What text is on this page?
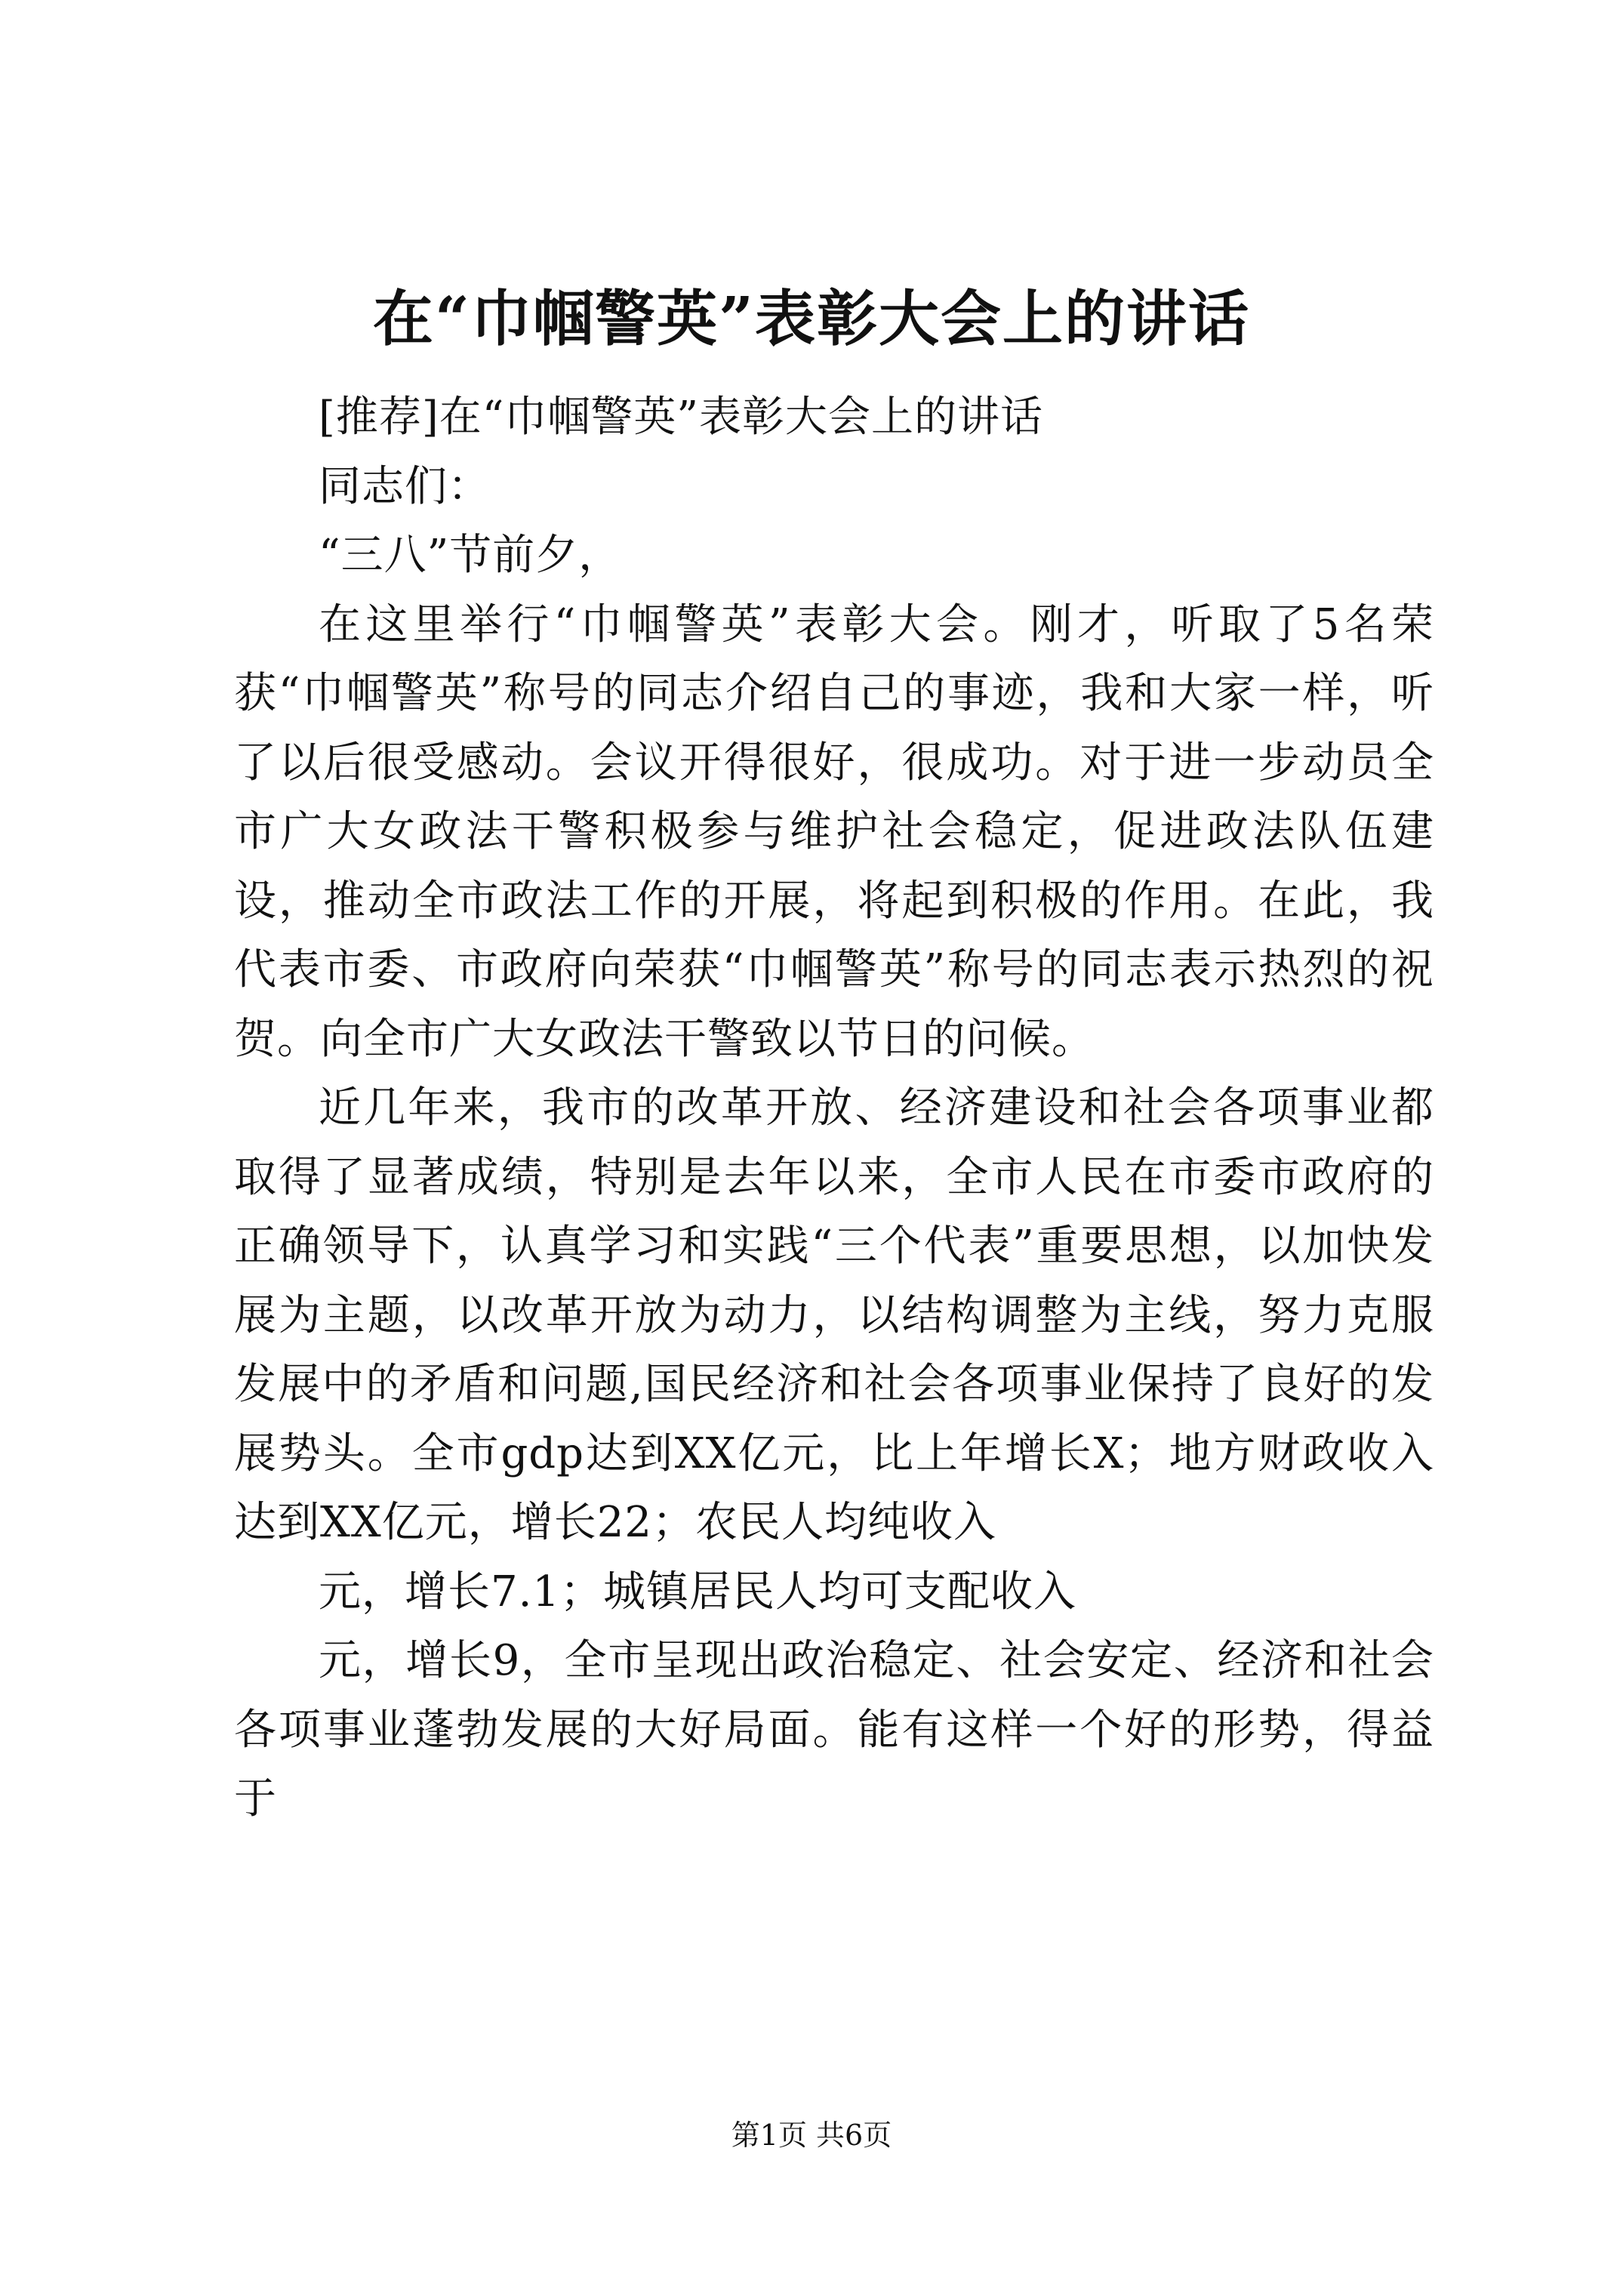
在“巾帼警英”表彰大会上的讲话

[推荐]在“巾帼警英”表彰大会上的讲话

同志们：

“三八”节前夕，

在这里举行“巾帼警英”表彰大会。刚才，听取了5名荣获“巾帼警英”称号的同志介绍自己的事迹，我和大家一样，听了以后很受感动。会议开得很好，很成功。对于进一步动员全市广大女政法干警积极参与维护社会稳定，促进政法队伍建设，推动全市政法工作的开展，将起到积极的作用。在此，我代表市委、市政府向荣获“巾帼警英”称号的同志表示热烈的祝贺。向全市广大女政法干警致以节日的问候。

近几年来，我市的改革开放、经济建设和社会各项事业都取得了显著成绩，特别是去年以来，全市人民在市委市政府的正确领导下，认真学习和实践“三个代表”重要思想，以加快发展为主题，以改革开放为动力，以结构调整为主线，努力克服发展中的矛盾和问题,国民经济和社会各项事业保持了良好的发展势头。全市gdp达到XX亿元，比上年增长X；地方财政收入达到XX亿元，增长22；农民人均纯收入

元，增长7.1；城镇居民人均可支配收入

元，增长9，全市呈现出政治稳定、社会安定、经济和社会各项事业蓬勃发展的大好局面。能有这样一个好的形势，得益于

第1页 共6页
